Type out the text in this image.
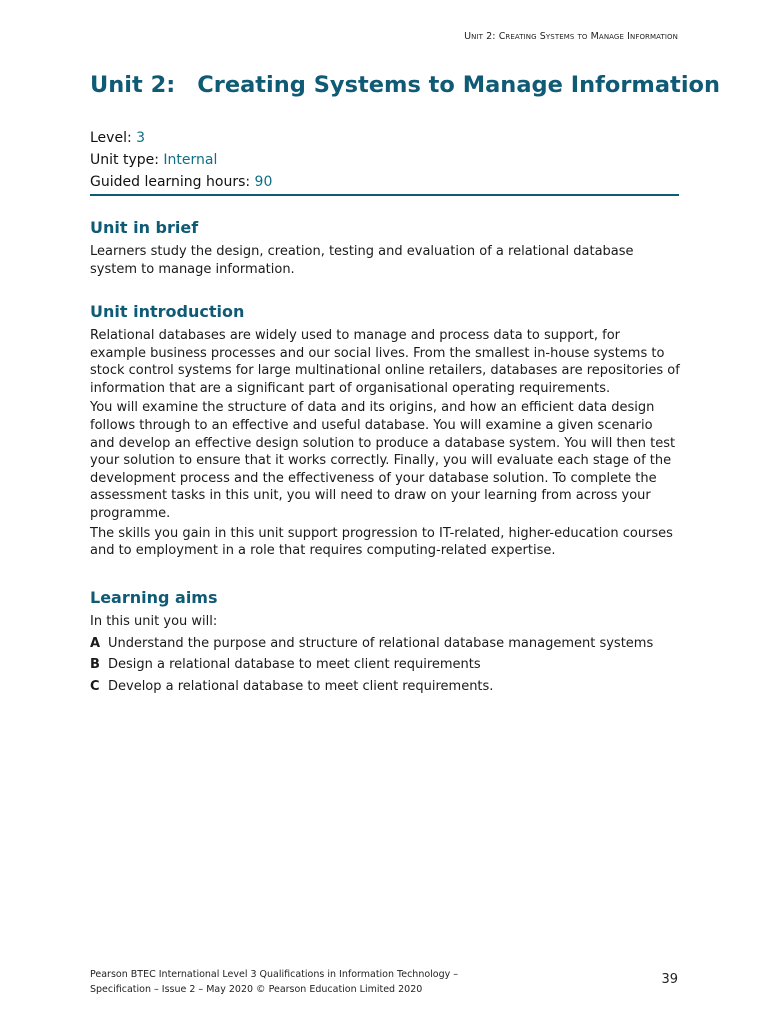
Unit 2: Creating Systems to Manage Information
Unit 2: Creating Systems to Manage Information
Level: 3
Unit type: Internal
Guided learning hours: 90
Unit in brief

Learners study the design, creation, testing and evaluation of a relational database system to manage information.

Unit introduction

Relational databases are widely used to manage and process data to support, for example business processes and our social lives. From the smallest in-house systems to stock control systems for large multinational online retailers, databases are repositories of information that are a significant part of organisational operating requirements.

You will examine the structure of data and its origins, and how an efficient data design follows through to an effective and useful database. You will examine a given scenario and develop an effective design solution to produce a database system. You will then test your solution to ensure that it works correctly. Finally, you will evaluate each stage of the development process and the effectiveness of your database solution. To complete the assessment tasks in this unit, you will need to draw on your learning from across your programme.

The skills you gain in this unit support progression to IT-related, higher-education courses and to employment in a role that requires computing-related expertise.

Learning aims

In this unit you will:

A Understand the purpose and structure of relational database management systems
B Design a relational database to meet client requirements
C Develop a relational database to meet client requirements.
Pearson BTEC International Level 3 Qualifications in Information Technology –
Specification – Issue 2 – May 2020 © Pearson Education Limited 2020
39
